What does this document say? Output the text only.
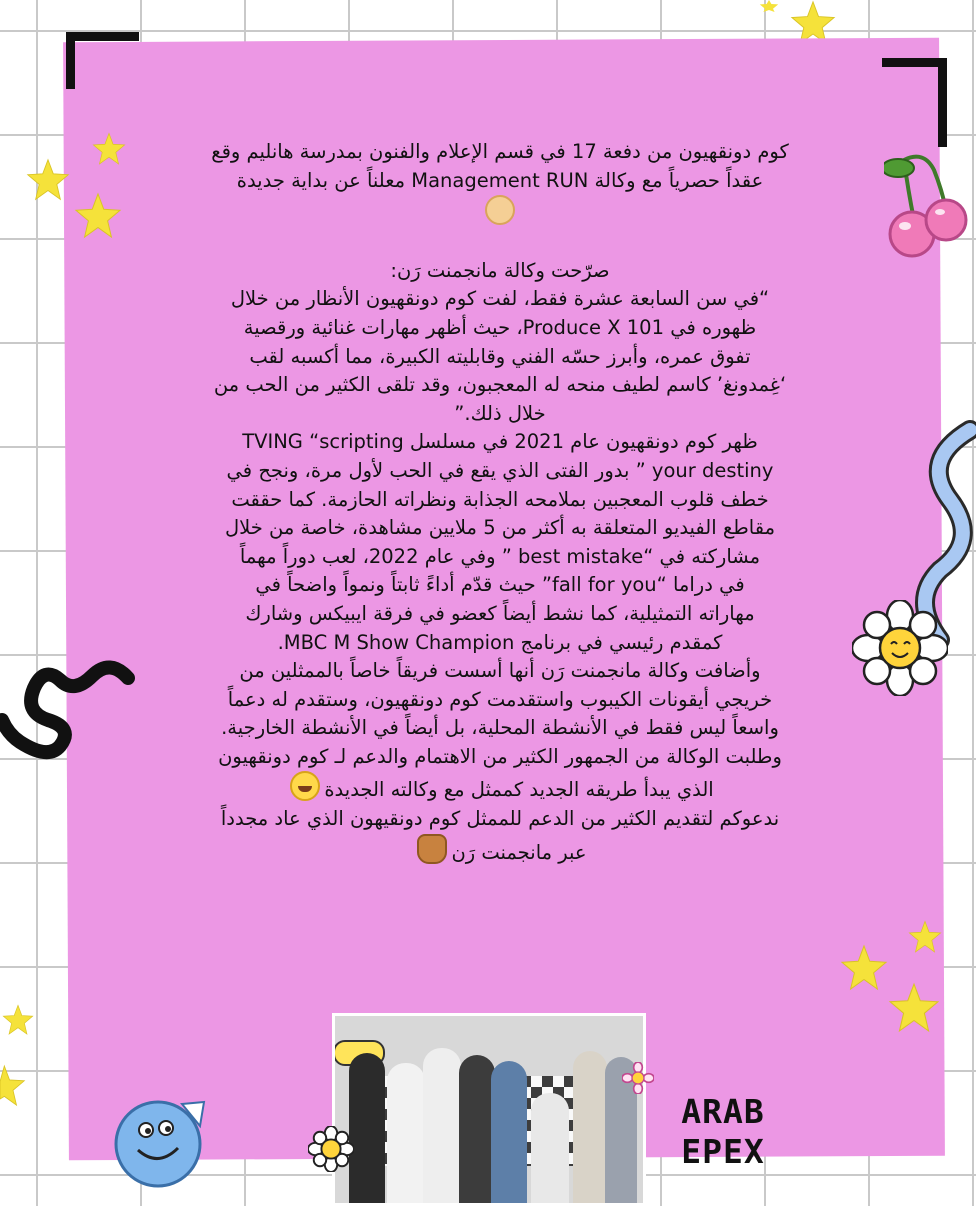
كوم دونقهيون من دفعة 17 في قسم الإعلام والفنون بمدرسة هانليم وقع

عقداً حصرياً مع وكالة Management RUN معلناً عن بداية جديدة

صرّحت وكالة مانجمنت رَن:

“في سن السابعة عشرة فقط، لفت كوم دونقهيون الأنظار من خلال

ظهوره في Produce X 101، حيث أظهر مهارات غنائية ورقصية

تفوق عمره، وأبرز حسّه الفني وقابليته الكبيرة، مما أكسبه لقب

‘غِمدونغ’ كاسم لطيف منحه له المعجبون، وقد تلقى الكثير من الحب من

خلال ذلك.”

ظهر كوم دونقهيون عام 2021 في مسلسل TVING “scripting

your destiny ” بدور الفتى الذي يقع في الحب لأول مرة، ونجح في

خطف قلوب المعجبين بملامحه الجذابة ونظراته الحازمة. كما حققت

مقاطع الفيديو المتعلقة به أكثر من 5 ملايين مشاهدة، خاصة من خلال

مشاركته في “best mistake ” وفي عام 2022، لعب دوراً مهماً

في دراما “fall for you” حيث قدّم أداءً ثابتاً ونمواً واضحاً في

مهاراته التمثيلية، كما نشط أيضاً كعضو في فرقة ايبيكس وشارك

كمقدم رئيسي في برنامج MBC M Show Champion.

وأضافت وكالة مانجمنت رَن أنها أسست فريقاً خاصاً بالممثلين من

خريجي أيقونات الكيبوب واستقدمت كوم دونقهيون، وستقدم له دعماً

واسعاً ليس فقط في الأنشطة المحلية، بل أيضاً في الأنشطة الخارجية.

وطلبت الوكالة من الجمهور الكثير من الاهتمام والدعم لـ كوم دونقهيون

الذي يبدأ طريقه الجديد كممثل مع وكالته الجديدة

ندعوكم لتقديم الكثير من الدعم للممثل كوم دونقيهون الذي عاد مجدداً

عبر مانجمنت رَن

ARAB
EPEX
